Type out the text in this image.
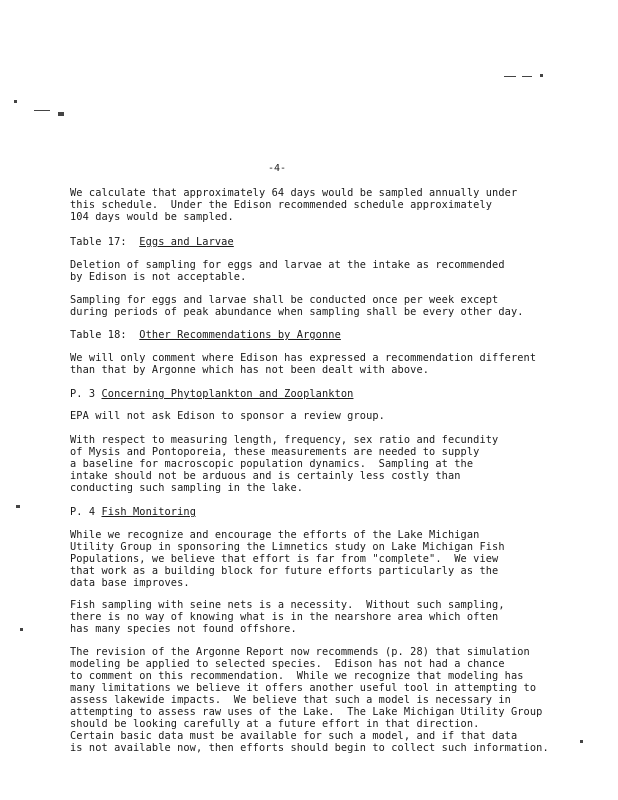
-4-
We calculate that approximately 64 days would be sampled annually under
this schedule.  Under the Edison recommended schedule approximately
104 days would be sampled.
Table 17:  Eggs and Larvae
Deletion of sampling for eggs and larvae at the intake as recommended
by Edison is not acceptable.
Sampling for eggs and larvae shall be conducted once per week except
during periods of peak abundance when sampling shall be every other day.
Table 18:  Other Recommendations by Argonne
We will only comment where Edison has expressed a recommendation different
than that by Argonne which has not been dealt with above.
P. 3 Concerning Phytoplankton and Zooplankton
EPA will not ask Edison to sponsor a review group.
With respect to measuring length, frequency, sex ratio and fecundity
of Mysis and Pontoporeia, these measurements are needed to supply
a baseline for macroscopic population dynamics.  Sampling at the
intake should not be arduous and is certainly less costly than
conducting such sampling in the lake.
P. 4 Fish Monitoring
While we recognize and encourage the efforts of the Lake Michigan
Utility Group in sponsoring the Limnetics study on Lake Michigan Fish
Populations, we believe that effort is far from "complete".  We view
that work as a building block for future efforts particularly as the
data base improves.
Fish sampling with seine nets is a necessity.  Without such sampling,
there is no way of knowing what is in the nearshore area which often
has many species not found offshore.
The revision of the Argonne Report now recommends (p. 28) that simulation
modeling be applied to selected species.  Edison has not had a chance
to comment on this recommendation.  While we recognize that modeling has
many limitations we believe it offers another useful tool in attempting to
assess lakewide impacts.  We believe that such a model is necessary in
attempting to assess raw uses of the Lake.  The Lake Michigan Utility Group
should be looking carefully at a future effort in that direction.
Certain basic data must be available for such a model, and if that data
is not available now, then efforts should begin to collect such information.
